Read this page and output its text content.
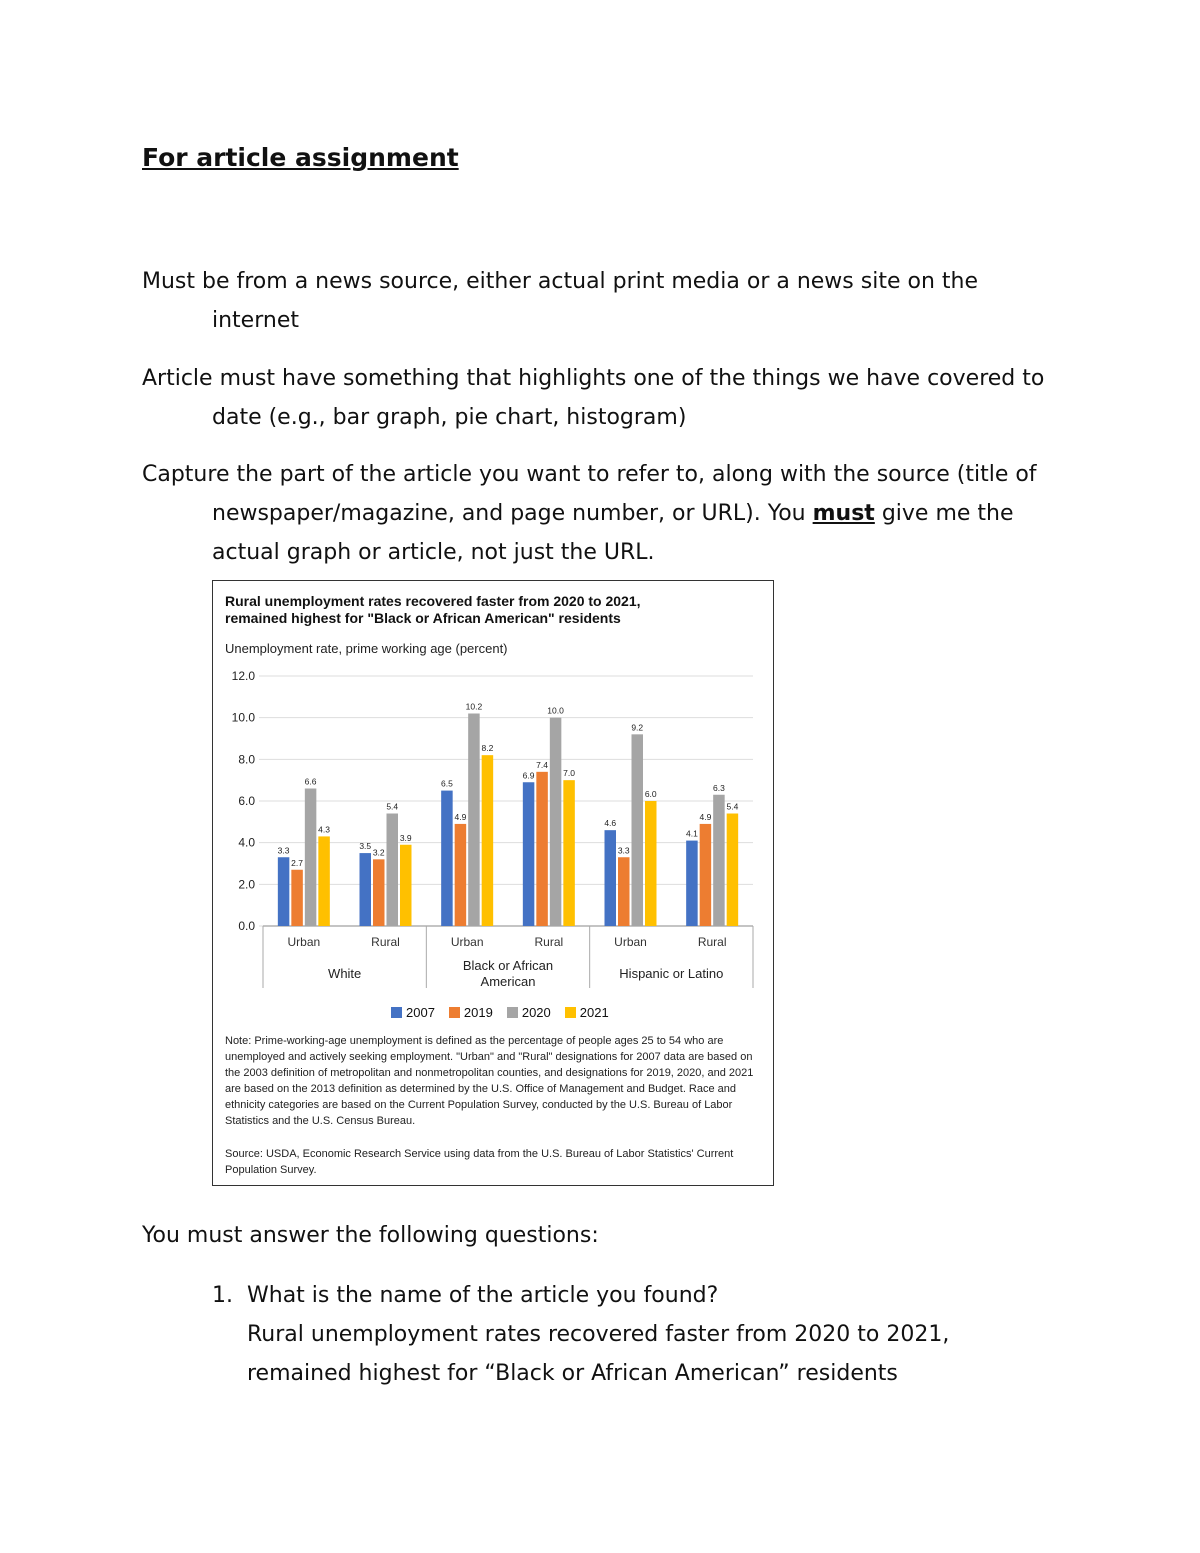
For article assignment
Must be from a news source, either actual print media or a news site on the
internet
Article must have something that highlights one of the things we have covered to
date (e.g., bar graph, pie chart, histogram)
Capture the part of the article you want to refer to, along with the source (title of
newspaper/magazine, and page number, or URL). You must give me the
actual graph or article, not just the URL.
Rural unemployment rates recovered faster from 2020 to 2021,
remained highest for "Black or African American" residents
Unemployment rate, prime working age (percent)
0.0
2.0
4.0
6.0
8.0
10.0
12.0
3.3
2.7
6.6
4.3
Urban
3.5
3.2
5.4
3.9
Rural
6.5
4.9
10.2
8.2
Urban
6.9
7.4
10.0
7.0
Rural
4.6
3.3
9.2
6.0
Urban
4.1
4.9
6.3
5.4
Rural
White
Black or African
American
Hispanic or Latino
2007 2019 2020 2021
Note: Prime-working-age unemployment is defined as the percentage of people ages 25 to 54 who are unemployed and actively seeking employment. "Urban" and "Rural" designations for 2007 data are based on the 2003 definition of metropolitan and nonmetropolitan counties, and designations for 2019, 2020, and 2021 are based on the 2013 definition as determined by the U.S. Office of Management and Budget. Race and ethnicity categories are based on the Current Population Survey, conducted by the U.S. Bureau of Labor Statistics and the U.S. Census Bureau.
Source: USDA, Economic Research Service using data from the U.S. Bureau of Labor Statistics' Current Population Survey.
You must answer the following questions:
1. What is the name of the article you found?
Rural unemployment rates recovered faster from 2020 to 2021,
remained highest for “Black or African American” residents
